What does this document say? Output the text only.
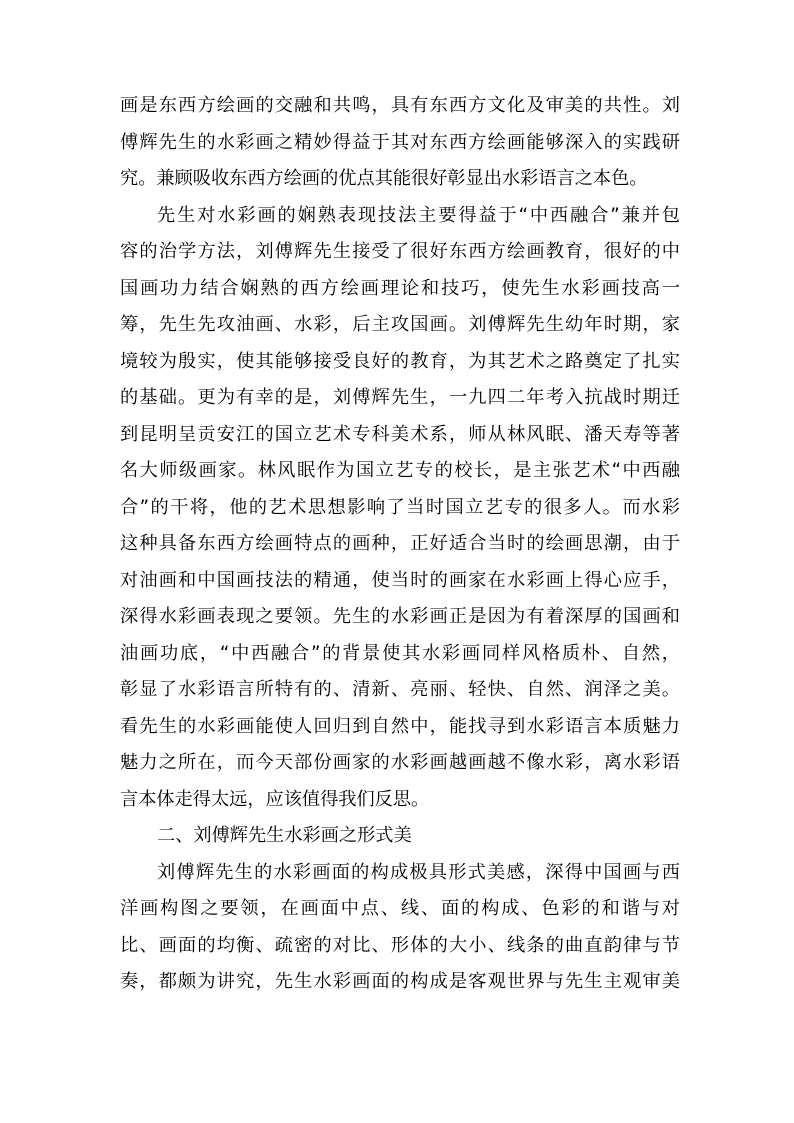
画是东西方绘画的交融和共鸣，具有东西方文化及审美的共性。刘
傅辉先生的水彩画之精妙得益于其对东西方绘画能够深入的实践研
究。兼顾吸收东西方绘画的优点其能很好彰显出水彩语言之本色。
先生对水彩画的娴熟表现技法主要得益于“中西融合”兼并包
容的治学方法，刘傅辉先生接受了很好东西方绘画教育，很好的中
国画功力结合娴熟的西方绘画理论和技巧，使先生水彩画技高一
筹，先生先攻油画、水彩，后主攻国画。刘傅辉先生幼年时期，家
境较为殷实，使其能够接受良好的教育，为其艺术之路奠定了扎实
的基础。更为有幸的是，刘傅辉先生，一九四二年考入抗战时期迁
到昆明呈贡安江的国立艺术专科美术系，师从林风眠、潘天寿等著
名大师级画家。林风眠作为国立艺专的校长，是主张艺术“中西融
合”的干将，他的艺术思想影响了当时国立艺专的很多人。而水彩
这种具备东西方绘画特点的画种，正好适合当时的绘画思潮，由于
对油画和中国画技法的精通，使当时的画家在水彩画上得心应手，
深得水彩画表现之要领。先生的水彩画正是因为有着深厚的国画和
油画功底，“中西融合”的背景使其水彩画同样风格质朴、自然，
彰显了水彩语言所特有的、清新、亮丽、轻快、自然、润泽之美。
看先生的水彩画能使人回归到自然中，能找寻到水彩语言本质魅力
魅力之所在，而今天部份画家的水彩画越画越不像水彩，离水彩语
言本体走得太远，应该值得我们反思。
二、刘傅辉先生水彩画之形式美
刘傅辉先生的水彩画面的构成极具形式美感，深得中国画与西
洋画构图之要领，在画面中点、线、面的构成、色彩的和谐与对
比、画面的均衡、疏密的对比、形体的大小、线条的曲直韵律与节
奏，都颇为讲究，先生水彩画面的构成是客观世界与先生主观审美
